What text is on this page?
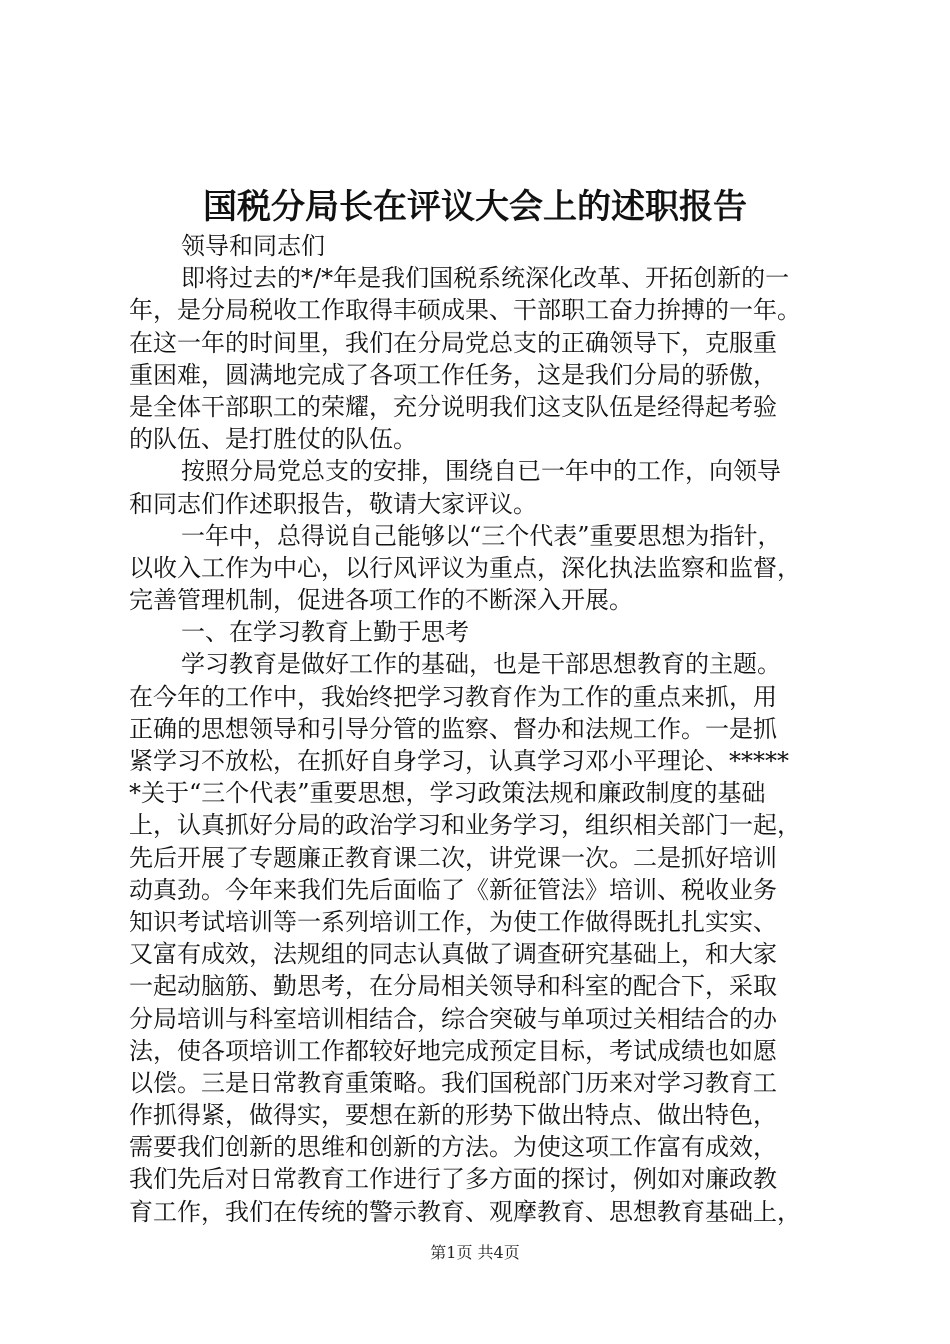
国税分局长在评议大会上的述职报告
领导和同志们
即将过去的*/*年是我们国税系统深化改革、开拓创新的一
年，是分局税收工作取得丰硕成果、干部职工奋力拚搏的一年。
在这一年的时间里，我们在分局党总支的正确领导下，克服重
重困难，圆满地完成了各项工作任务，这是我们分局的骄傲，
是全体干部职工的荣耀，充分说明我们这支队伍是经得起考验
的队伍、是打胜仗的队伍。
按照分局党总支的安排，围绕自已一年中的工作，向领导
和同志们作述职报告，敬请大家评议。
一年中，总得说自己能够以“三个代表”重要思想为指针，
以收入工作为中心，以行风评议为重点，深化执法监察和监督，
完善管理机制，促进各项工作的不断深入开展。
一、在学习教育上勤于思考
学习教育是做好工作的基础，也是干部思想教育的主题。
在今年的工作中，我始终把学习教育作为工作的重点来抓，用
正确的思想领导和引导分管的监察、督办和法规工作。一是抓
紧学习不放松，在抓好自身学习，认真学习邓小平理论、*****
*关于“三个代表”重要思想，学习政策法规和廉政制度的基础
上，认真抓好分局的政治学习和业务学习，组织相关部门一起，
先后开展了专题廉正教育课二次，讲党课一次。二是抓好培训
动真劲。今年来我们先后面临了《新征管法》培训、税收业务
知识考试培训等一系列培训工作，为使工作做得既扎扎实实、
又富有成效，法规组的同志认真做了调查研究基础上，和大家
一起动脑筋、勤思考，在分局相关领导和科室的配合下，采取
分局培训与科室培训相结合，综合突破与单项过关相结合的办
法，使各项培训工作都较好地完成预定目标，考试成绩也如愿
以偿。三是日常教育重策略。我们国税部门历来对学习教育工
作抓得紧，做得实，要想在新的形势下做出特点、做出特色，
需要我们创新的思维和创新的方法。为使这项工作富有成效，
我们先后对日常教育工作进行了多方面的探讨，例如对廉政教
育工作，我们在传统的警示教育、观摩教育、思想教育基础上，
第1页 共4页
